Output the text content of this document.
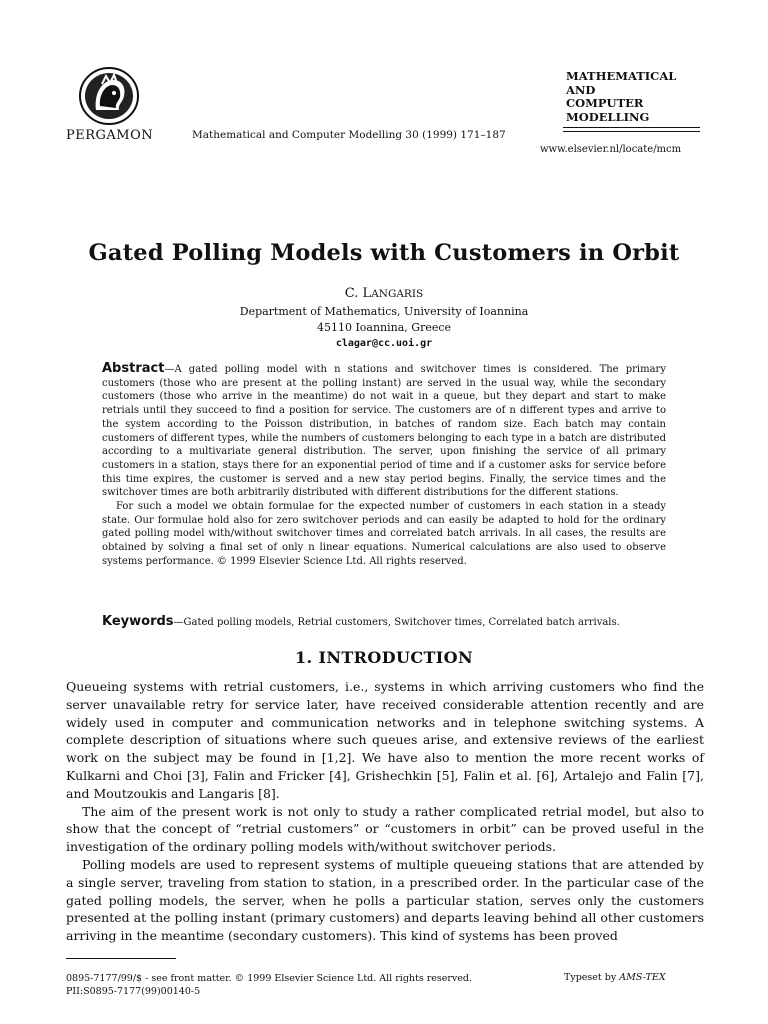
PERGAMON	Mathematical and Computer Modelling 30 (1999) 171–187
MATHEMATICAL
AND
COMPUTER
MODELLING
www.elsevier.nl/locate/mcm
Gated Polling Models with Customers in Orbit
C. LANGARIS
Department of Mathematics, University of Ioannina
45110 Ioannina, Greece
clagar@cc.uoi.gr

Abstract—A gated polling model with n stations and switchover times is considered. The primary customers (those who are present at the polling instant) are served in the usual way, while the secondary customers (those who arrive in the meantime) do not wait in a queue, but they depart and start to make retrials until they succeed to find a position for service. The customers are of n different types and arrive to the system according to the Poisson distribution, in batches of random size. Each batch may contain customers of different types, while the numbers of customers belonging to each type in a batch are distributed according to a multivariate general distribution. The server, upon finishing the service of all primary customers in a station, stays there for an exponential period of time and if a customer asks for service before this time expires, the customer is served and a new stay period begins. Finally, the service times and the switchover times are both arbitrarily distributed with different distributions for the different stations.

For such a model we obtain formulae for the expected number of customers in each station in a steady state. Our formulae hold also for zero switchover periods and can easily be adapted to hold for the ordinary gated polling model with/without switchover times and correlated batch arrivals. In all cases, the results are obtained by solving a final set of only n linear equations. Numerical calculations are also used to observe systems performance. © 1999 Elsevier Science Ltd. All rights reserved.

Keywords—Gated polling models, Retrial customers, Switchover times, Correlated batch arrivals.
1. INTRODUCTION

Queueing systems with retrial customers, i.e., systems in which arriving customers who find the server unavailable retry for service later, have received considerable attention recently and are widely used in computer and communication networks and in telephone switching systems. A complete description of situations where such queues arise, and extensive reviews of the earliest work on the subject may be found in [1,2]. We have also to mention the more recent works of Kulkarni and Choi [3], Falin and Fricker [4], Grishechkin [5], Falin et al. [6], Artalejo and Falin [7], and Moutzoukis and Langaris [8].

The aim of the present work is not only to study a rather complicated retrial model, but also to show that the concept of “retrial customers” or “customers in orbit” can be proved useful in the investigation of the ordinary polling models with/without switchover periods.

Polling models are used to represent systems of multiple queueing stations that are attended by a single server, traveling from station to station, in a prescribed order. In the particular case of the gated polling models, the server, when he polls a particular station, serves only the customers presented at the polling instant (primary customers) and departs leaving behind all other customers arriving in the meantime (secondary customers). This kind of systems has been proved

0895-7177/99/$ - see front matter. © 1999 Elsevier Science Ltd. All rights reserved.
PII:S0895-7177(99)00140-5
Typeset by AMS-TEX
